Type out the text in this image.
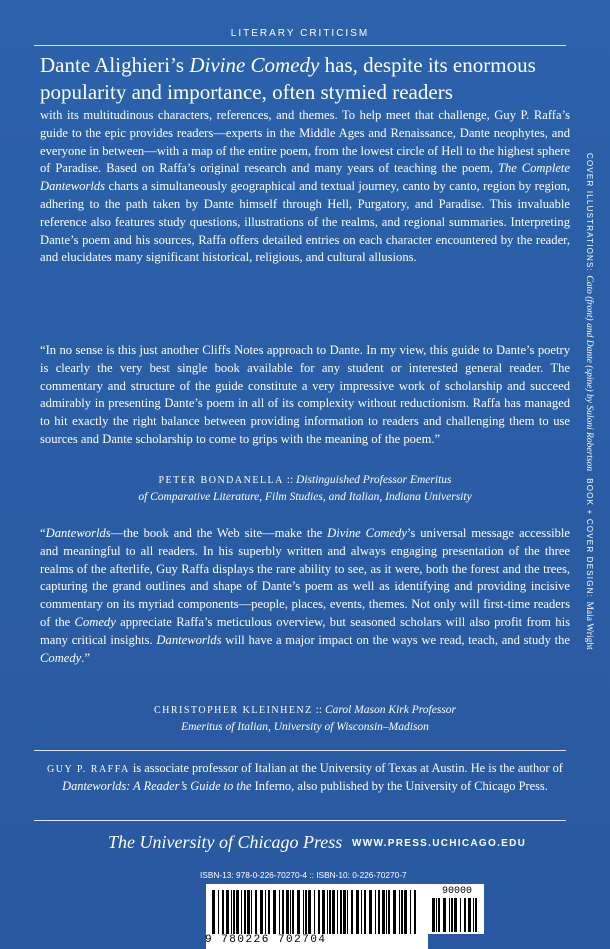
LITERARY CRITICISM
Dante Alighieri’s Divine Comedy has, despite its enormous popularity and importance, often stymied readers
with its multitudinous characters, references, and themes. To help meet that challenge, Guy P. Raffa’s guide to the epic provides readers—experts in the Middle Ages and Renaissance, Dante neophytes, and everyone in between—with a map of the entire poem, from the lowest circle of Hell to the highest sphere of Paradise. Based on Raffa’s original research and many years of teaching the poem, The Complete Danteworlds charts a simultaneously geographical and textual journey, canto by canto, region by region, adhering to the path taken by Dante himself through Hell, Purgatory, and Paradise. This invaluable reference also features study questions, illustrations of the realms, and regional summaries. Interpreting Dante’s poem and his sources, Raffa offers detailed entries on each character encountered by the reader, and elucidates many significant historical, religious, and cultural allusions.
“In no sense is this just another Cliffs Notes approach to Dante. In my view, this guide to Dante’s poetry is clearly the very best single book available for any student or interested general reader. The commentary and structure of the guide constitute a very impressive work of scholarship and succeed admirably in presenting Dante’s poem in all of its complexity without reductionism. Raffa has managed to hit exactly the right balance between providing information to readers and challenging them to use sources and Dante scholarship to come to grips with the meaning of the poem.”
PETER BONDANELLA :: Distinguished Professor Emeritus
of Comparative Literature, Film Studies, and Italian, Indiana University
“Danteworlds—the book and the Web site—make the Divine Comedy’s universal message accessible and meaningful to all readers. In his superbly written and always engaging presentation of the three realms of the afterlife, Guy Raffa displays the rare ability to see, as it were, both the forest and the trees, capturing the grand outlines and shape of Dante’s poem as well as identifying and providing incisive commentary on its myriad components—people, places, events, themes. Not only will first-time readers of the Comedy appreciate Raffa’s meticulous overview, but seasoned scholars will also profit from his many critical insights. Danteworlds will have a major impact on the ways we read, teach, and study the Comedy.”
CHRISTOPHER KLEINHENZ :: Carol Mason Kirk Professor
Emeritus of Italian, University of Wisconsin–Madison
GUY P. RAFFA is associate professor of Italian at the University of Texas at Austin. He is the author of Danteworlds: A Reader’s Guide to the Inferno, also published by the University of Chicago Press.
The University of Chicago Press WWW.PRESS.UCHICAGO.EDU
ISBN-13: 978-0-226-70270-4 :: ISBN-10: 0-226-70270-7
90000
9 780226 702704
COVER ILLUSTRATIONS: Cato (front) and Dante (spine) by Suloni Robertson   BOOK + COVER DESIGN: Maia Wright
